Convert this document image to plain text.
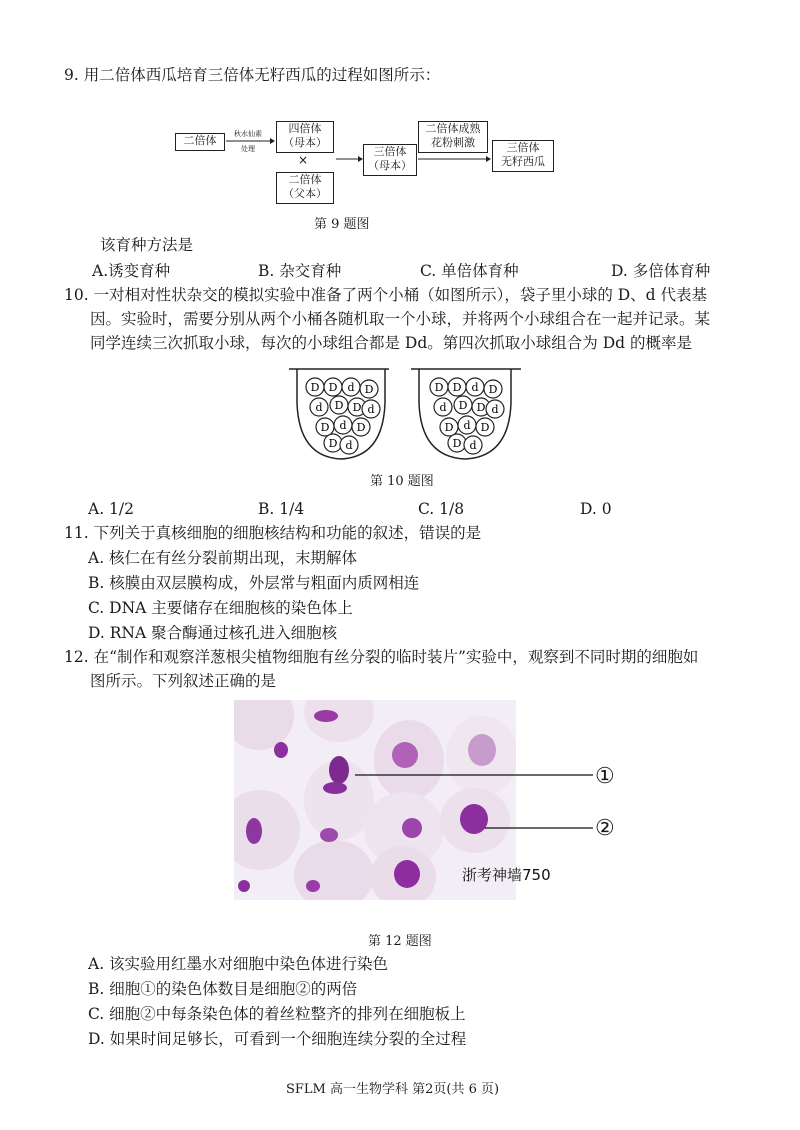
9. 用二倍体西瓜培育三倍体无籽西瓜的过程如图所示：
二倍体	秋水仙素
处理
四倍体
（母本）
×
二倍体
（父本）
三倍体
（母本）
二倍体成熟
花粉刺激	三倍体
无籽西瓜
第 9 题图
该育种方法是
A.诱变育种	B. 杂交育种	C. 单倍体育种	D. 多倍体育种
10. 一对相对性状杂交的模拟实验中准备了两个小桶（如图所示），袋子里小球的 D、d 代表基
因。实验时，需要分别从两个小桶各随机取一个小球，并将两个小球组合在一起并记录。某
同学连续三次抓取小球，每次的小球组合都是 Dd。第四次抓取小球组合为 Dd 的概率是
D D d D
d D D d
D d D
D d
D D d D
d D D d
D d D
D d
第 10 题图
A. 1/2	B. 1/4	C. 1/8	D. 0
11. 下列关于真核细胞的细胞核结构和功能的叙述，错误的是
A. 核仁在有丝分裂前期出现，末期解体
B. 核膜由双层膜构成，外层常与粗面内质网相连
C. DNA 主要储存在细胞核的染色体上
D. RNA 聚合酶通过核孔进入细胞核
12. 在“制作和观察洋葱根尖植物细胞有丝分裂的临时装片”实验中，观察到不同时期的细胞如
图所示。下列叙述正确的是
①
②
浙考神墙750
第 12 题图
A. 该实验用红墨水对细胞中染色体进行染色
B. 细胞①的染色体数目是细胞②的两倍
C. 细胞②中每条染色体的着丝粒整齐的排列在细胞板上
D. 如果时间足够长，可看到一个细胞连续分裂的全过程
SFLM 高一生物学科 第2页(共 6 页)
